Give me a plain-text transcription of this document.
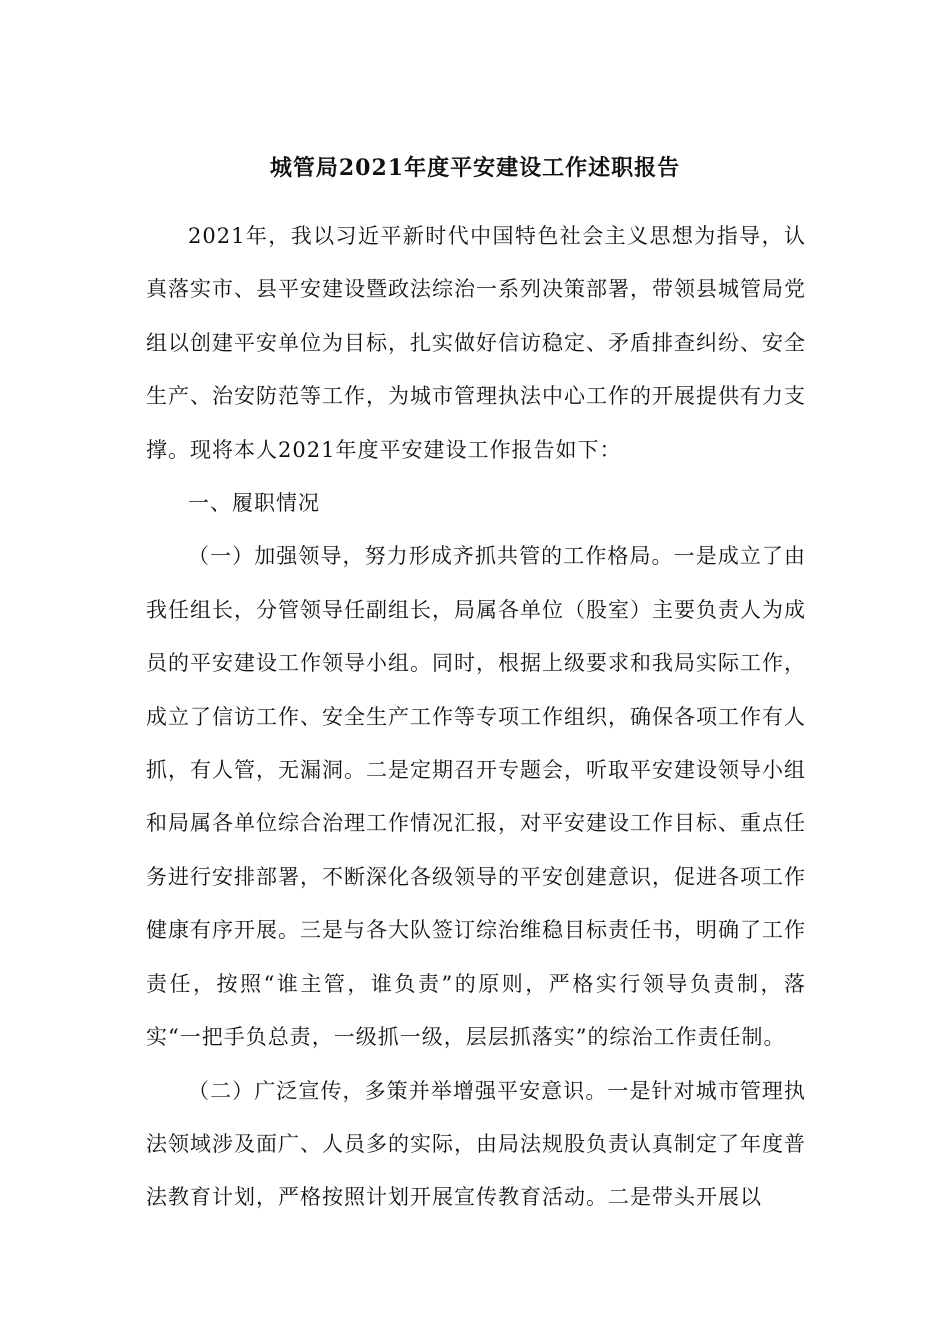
城管局2021年度平安建设工作述职报告

2021年，我以习近平新时代中国特色社会主义思想为指导，认真落实市、县平安建设暨政法综治一系列决策部署，带领县城管局党组以创建平安单位为目标，扎实做好信访稳定、矛盾排查纠纷、安全生产、治安防范等工作，为城市管理执法中心工作的开展提供有力支撑。现将本人2021年度平安建设工作报告如下：

一、履职情况

（一）加强领导，努力形成齐抓共管的工作格局。一是成立了由我任组长，分管领导任副组长，局属各单位（股室）主要负责人为成员的平安建设工作领导小组。同时，根据上级要求和我局实际工作，成立了信访工作、安全生产工作等专项工作组织，确保各项工作有人抓，有人管，无漏洞。二是定期召开专题会，听取平安建设领导小组和局属各单位综合治理工作情况汇报，对平安建设工作目标、重点任务进行安排部署，不断深化各级领导的平安创建意识，促进各项工作健康有序开展。三是与各大队签订综治维稳目标责任书，明确了工作责任，按照“谁主管，谁负责”的原则，严格实行领导负责制，落实“一把手负总责，一级抓一级，层层抓落实”的综治工作责任制。

（二）广泛宣传，多策并举增强平安意识。一是针对城市管理执法领域涉及面广、人员多的实际，由局法规股负责认真制定了年度普法教育计划，严格按照计划开展宣传教育活动。二是带头开展以
